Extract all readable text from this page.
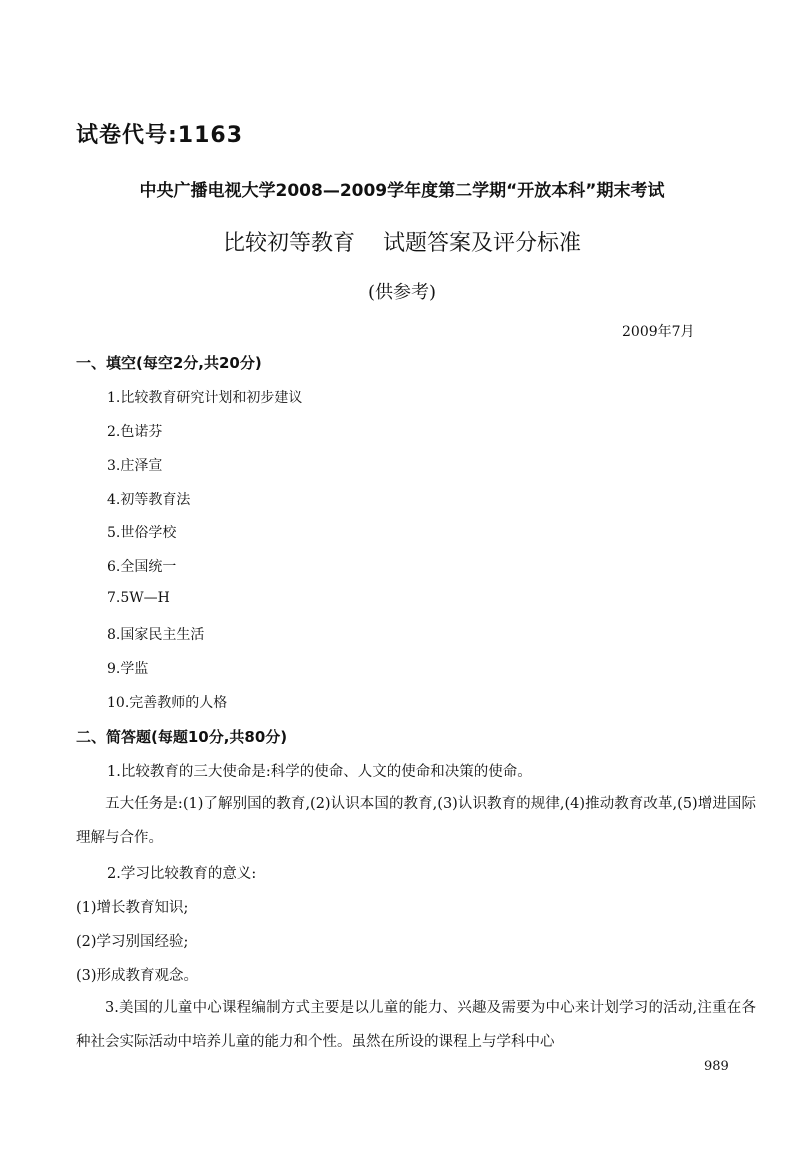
试卷代号:1163
中央广播电视大学2008—2009学年度第二学期“开放本科”期末考试
比较初等教育 试题答案及评分标准
(供参考)
2009年7月
一、填空(每空2分,共20分)
1.比较教育研究计划和初步建议
2.色诺芬
3.庄泽宣
4.初等教育法
5.世俗学校
6.全国统一
7.5W—H
8.国家民主生活
9.学监
10.完善教师的人格
二、简答题(每题10分,共80分)
1.比较教育的三大使命是:科学的使命、人文的使命和决策的使命。
五大任务是:(1)了解别国的教育,(2)认识本国的教育,(3)认识教育的规律,(4)推动教育改革,(5)增进国际理解与合作。
2.学习比较教育的意义:
(1)增长教育知识;
(2)学习别国经验;
(3)形成教育观念。
3.美国的儿童中心课程编制方式主要是以儿童的能力、兴趣及需要为中心来计划学习的活动,注重在各种社会实际活动中培养儿童的能力和个性。虽然在所设的课程上与学科中心
989
